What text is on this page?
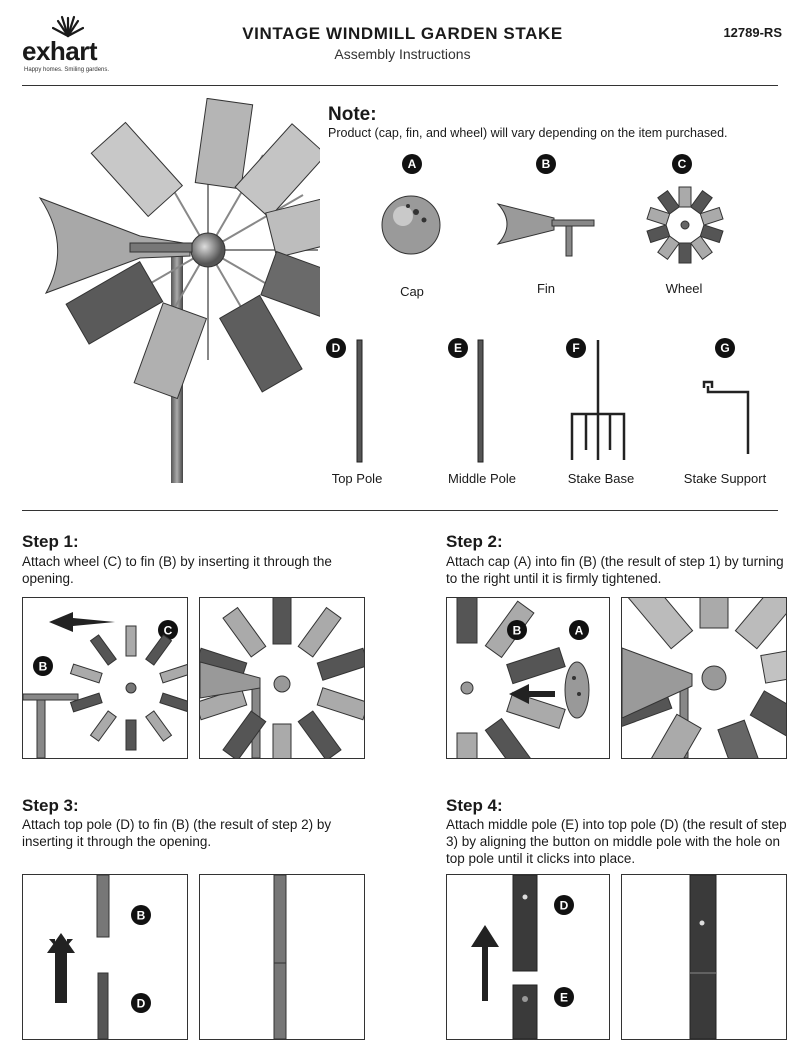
exhart
Happy homes. Smiling gardens.
VINTAGE WINDMILL GARDEN STAKE
Assembly Instructions
12789-RS
Note:
Product (cap, fin, and wheel) will vary depending on the item purchased.
A
Cap
B
Fin
C
Wheel
D
Top Pole
E
Middle Pole
F
Stake Base
G
Stake Support
Step 1:
Attach wheel (C) to fin (B) by inserting it through the opening.
C
B
Step 2:
Attach cap (A) into fin (B) (the result of step 1) by turning to the right until it is firmly tightened.
B	A
Step 3:
Attach top pole (D) to fin (B) (the result of step 2) by inserting it through the opening.
B
D
Step 4:
Attach middle pole (E) into top pole (D) (the result of step 3) by aligning the button on middle pole with the hole on top pole until it clicks into place.
D
E
